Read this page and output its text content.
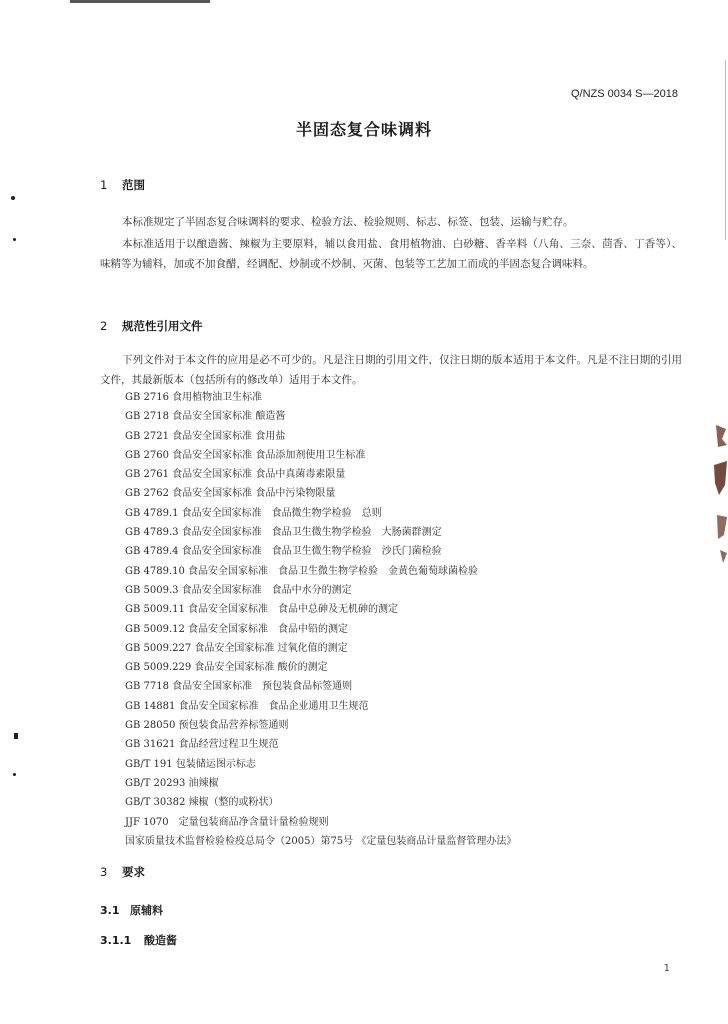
Q/NZS 0034 S—2018
半固态复合味调料
1 范围

本标准规定了半固态复合味调料的要求、检验方法、检验规则、标志、标签、包装、运输与贮存。

本标准适用于以酿造酱、辣椒为主要原料，辅以食用盐、食用植物油、白砂糖、香辛料（八角、三奈、茴香、丁香等）、味精等为辅料，加或不加食醋，经调配、炒制或不炒制、灭菌、包装等工艺加工而成的半固态复合调味料。

2 规范性引用文件

下列文件对于本文件的应用是必不可少的。凡是注日期的引用文件，仅注日期的版本适用于本文件。凡是不注日期的引用文件，其最新版本（包括所有的修改单）适用于本文件。

GB 2716 食用植物油卫生标准
GB 2718 食品安全国家标准 酿造酱
GB 2721 食品安全国家标准 食用盐
GB 2760 食品安全国家标准 食品添加剂使用卫生标准
GB 2761 食品安全国家标准 食品中真菌毒素限量
GB 2762 食品安全国家标准 食品中污染物限量
GB 4789.1 食品安全国家标准　食品微生物学检验　总则
GB 4789.3 食品安全国家标准　食品卫生微生物学检验　大肠菌群测定
GB 4789.4 食品安全国家标准　食品卫生微生物学检验　沙氏门菌检验
GB 4789.10 食品安全国家标准　食品卫生微生物学检验　金黄色葡萄球菌检验
GB 5009.3 食品安全国家标准　食品中水分的测定
GB 5009.11 食品安全国家标准　食品中总砷及无机砷的测定
GB 5009.12 食品安全国家标准　食品中铅的测定
GB 5009.227 食品安全国家标准 过氧化值的测定
GB 5009.229 食品安全国家标准 酸价的测定
GB 7718 食品安全国家标准　预包装食品标签通则
GB 14881 食品安全国家标准　食品企业通用卫生规范
GB 28050 预包装食品营养标签通则
GB 31621 食品经营过程卫生规范
GB/T 191 包装储运图示标志
GB/T 20293 油辣椒
GB/T 30382 辣椒（整的或粉状）
JJF 1070　定量包装商品净含量计量检验规则
国家质量技术监督检验检疫总局令（2005）第75号 《定量包装商品计量监督管理办法》
3 要求
3.1 原辅料
3.1.1 酸造酱
1
